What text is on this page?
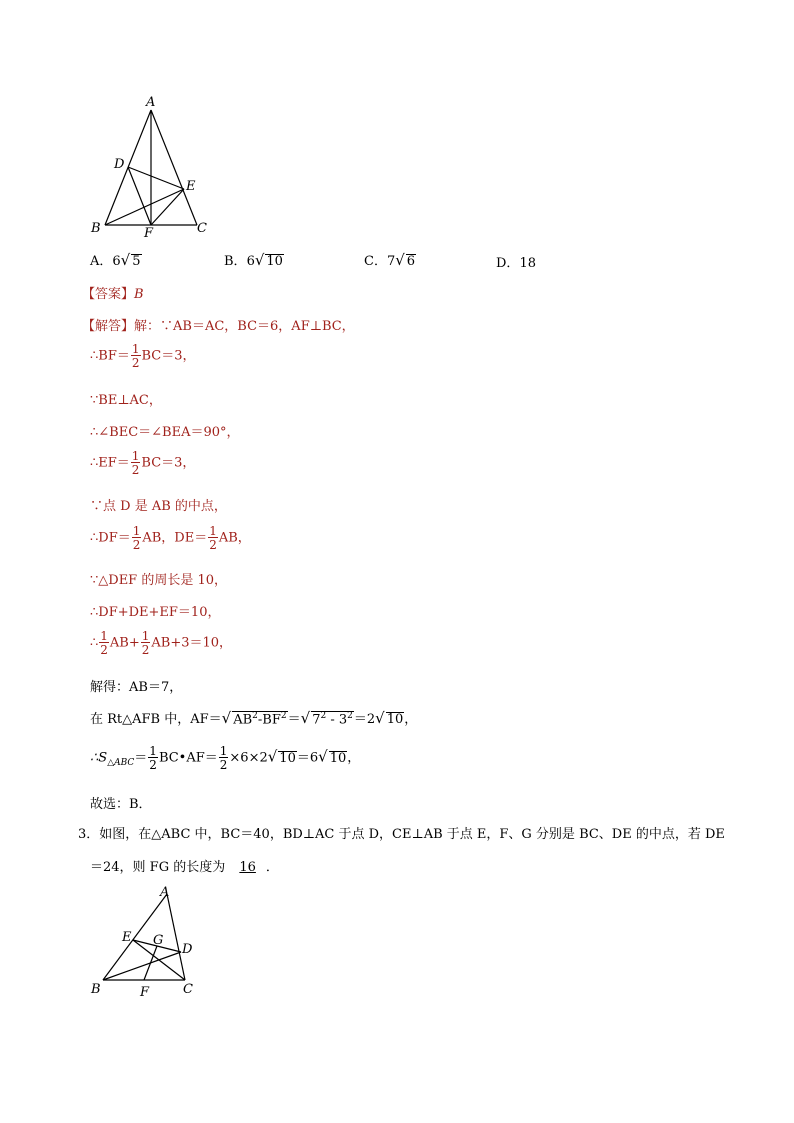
A
D
E
B	F	C
A．6√ 5	B．6√ 10	C．7√ 6	D．18
【答案】B
【解答】解：∵AB＝AC，BC＝6，AF⊥BC，
∴BF＝ $\frac{1}{2} BC=3$，
∵BE⊥AC，
∴∠BEC＝∠BEA＝90°，
∴EF＝ $\frac{1}{2} BC=3$，
∵点 D 是 AB 的中点，
∴DF＝ $\frac{1}{2}$ AB，$DE= \frac{1}{2}$ AB，
∵△DEF 的周长是 10，
∴DF+DE+EF＝10，
∴ $\frac{1}{2} AB+ \frac{1}{2} AB+3=10$，
解得：AB＝7，
在 Rt△AFB 中，AF＝√ $AB^2-BF^2=√$ $7^2 - 3^2=2√$ 10，
$\therefore S_{\triangle ABC}= \frac{1}{2}$ BC•AF＝ $\frac{1}{2} \times 6\times 2√$ 10＝6√ 10，
故选：B．
3．如图，在△ABC 中，BC＝40，BD⊥AC 于点 D，CE⊥AB 于点 E，F、G 分别是 BC、DE 的中点，若 DE
＝24，则 FG 的长度为 16 ．
A
E G
D
B	F	C
